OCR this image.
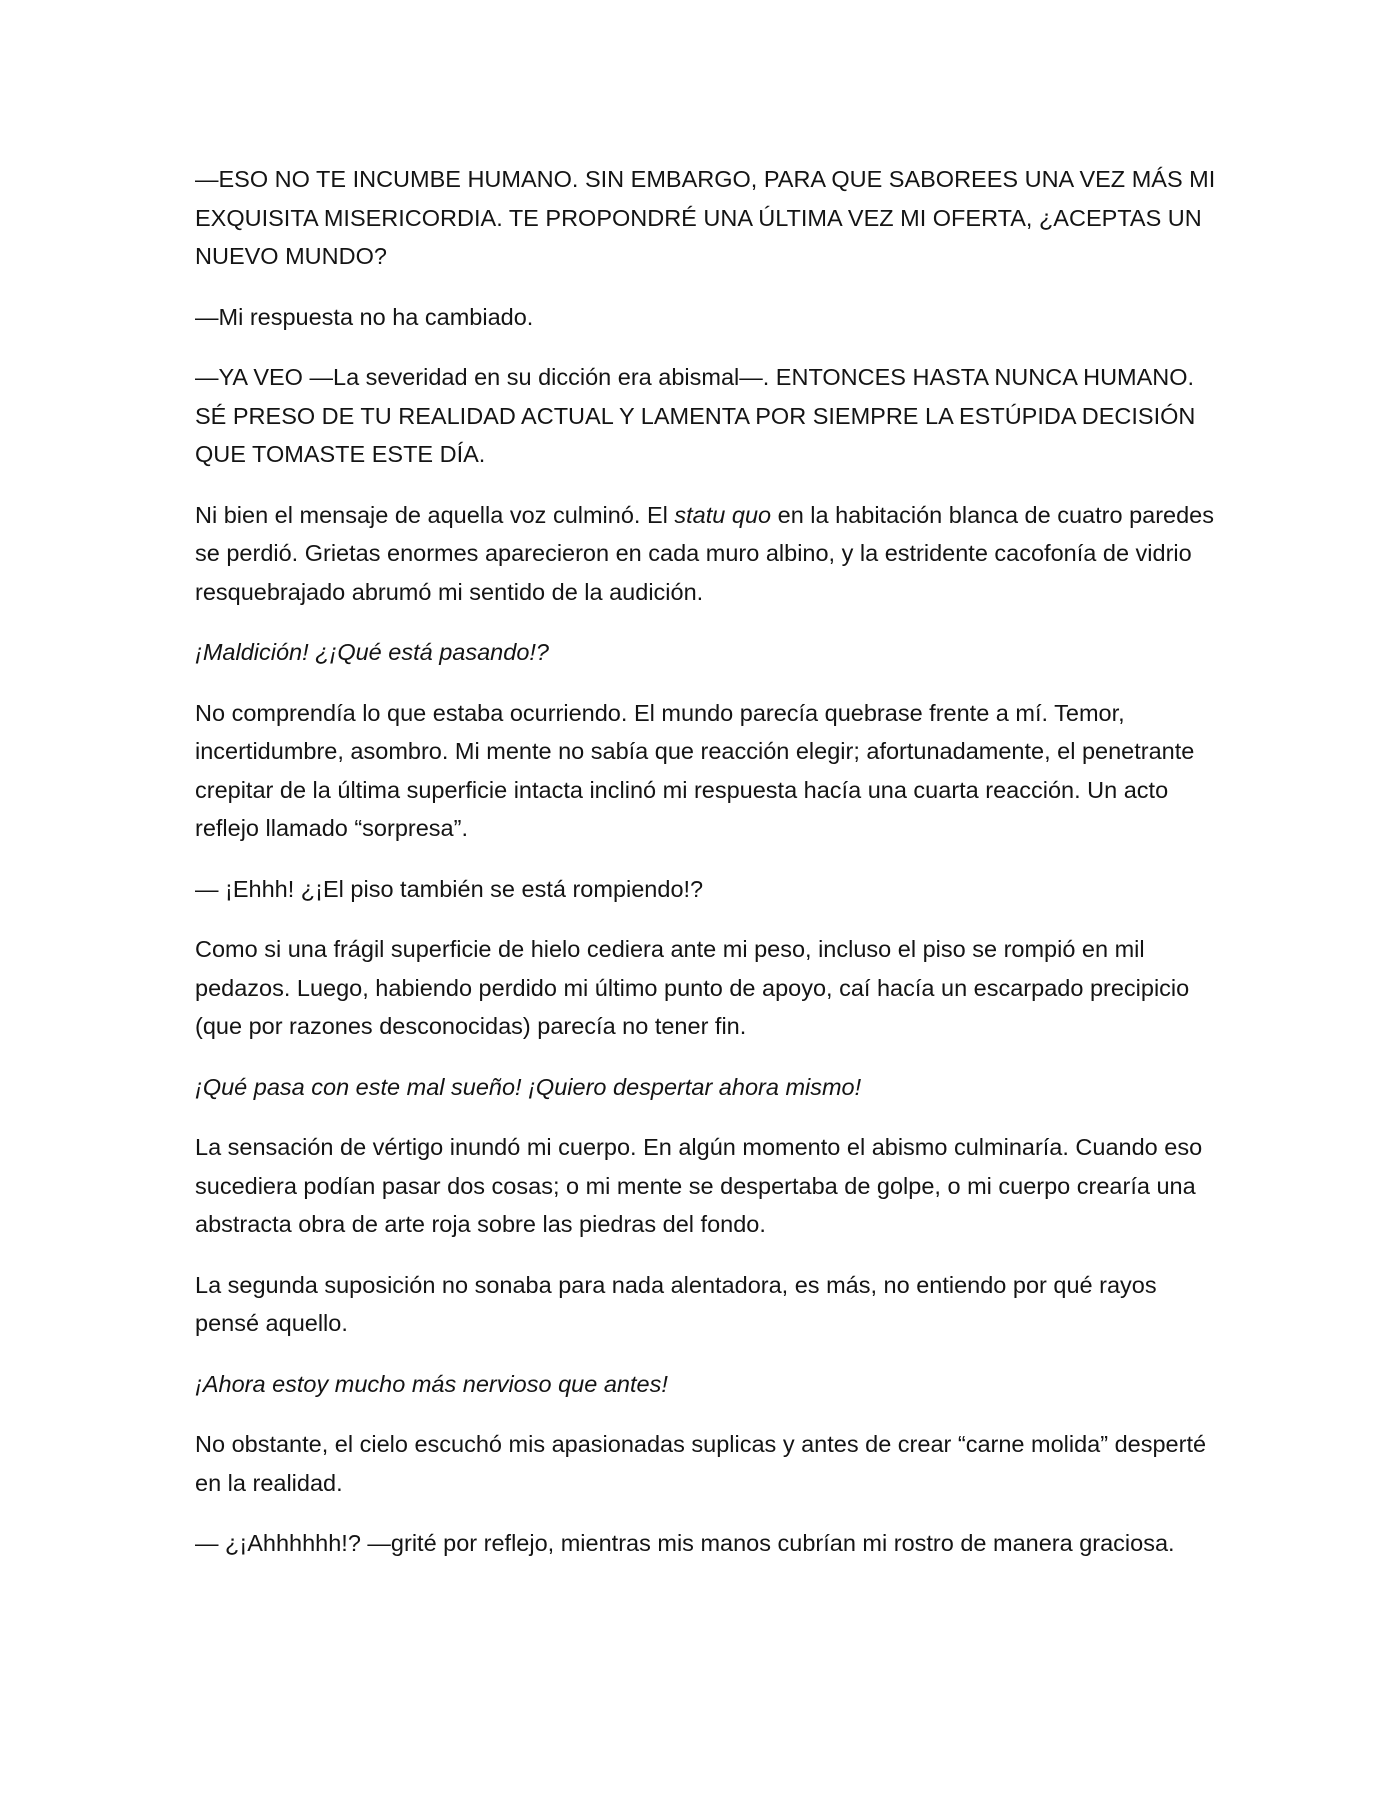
—ESO NO TE INCUMBE HUMANO. SIN EMBARGO, PARA QUE SABOREES UNA VEZ MÁS MI EXQUISITA MISERICORDIA. TE PROPONDRÉ UNA ÚLTIMA VEZ MI OFERTA, ¿ACEPTAS UN NUEVO MUNDO?

—Mi respuesta no ha cambiado.

—YA VEO —La severidad en su dicción era abismal—. ENTONCES HASTA NUNCA HUMANO. SÉ PRESO DE TU REALIDAD ACTUAL Y LAMENTA POR SIEMPRE LA ESTÚPIDA DECISIÓN QUE TOMASTE ESTE DÍA.

Ni bien el mensaje de aquella voz culminó. El statu quo en la habitación blanca de cuatro paredes se perdió. Grietas enormes aparecieron en cada muro albino, y la estridente cacofonía de vidrio resquebrajado abrumó mi sentido de la audición.

¡Maldición! ¿¡Qué está pasando!?

No comprendía lo que estaba ocurriendo. El mundo parecía quebrase frente a mí. Temor, incertidumbre, asombro. Mi mente no sabía que reacción elegir; afortunadamente, el penetrante crepitar de la última superficie intacta inclinó mi respuesta hacía una cuarta reacción. Un acto reflejo llamado “sorpresa”.

— ¡Ehhh! ¿¡El piso también se está rompiendo!?

Como si una frágil superficie de hielo cediera ante mi peso, incluso el piso se rompió en mil pedazos. Luego, habiendo perdido mi último punto de apoyo, caí hacía un escarpado precipicio (que por razones desconocidas) parecía no tener fin.

¡Qué pasa con este mal sueño! ¡Quiero despertar ahora mismo!

La sensación de vértigo inundó mi cuerpo. En algún momento el abismo culminaría. Cuando eso sucediera podían pasar dos cosas; o mi mente se despertaba de golpe, o mi cuerpo crearía una abstracta obra de arte roja sobre las piedras del fondo.

La segunda suposición no sonaba para nada alentadora, es más, no entiendo por qué rayos pensé aquello.

¡Ahora estoy mucho más nervioso que antes!

No obstante, el cielo escuchó mis apasionadas suplicas y antes de crear “carne molida” desperté en la realidad.

— ¿¡Ahhhhhh!? —grité por reflejo, mientras mis manos cubrían mi rostro de manera graciosa.
